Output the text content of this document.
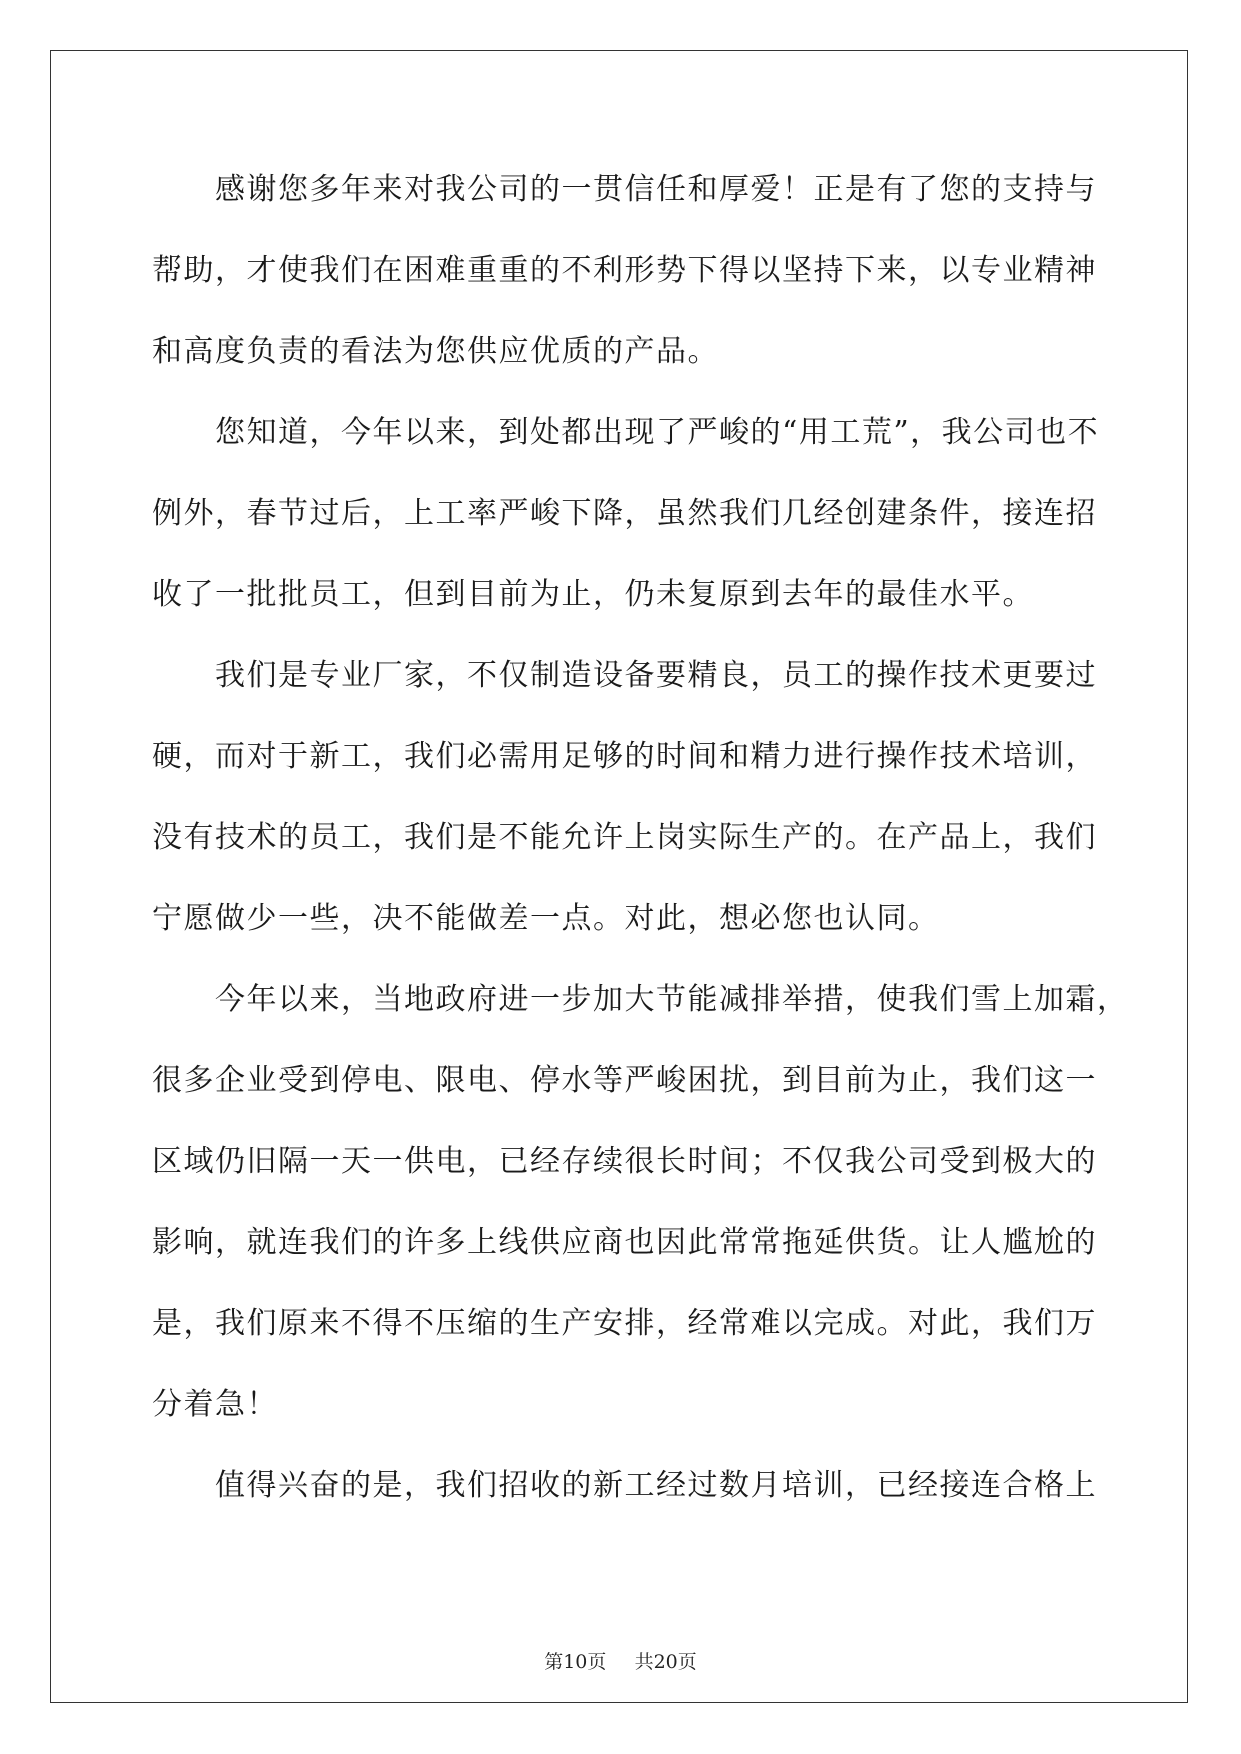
感谢您多年来对我公司的一贯信任和厚爱！正是有了您的支持与
帮助，才使我们在困难重重的不利形势下得以坚持下来，以专业精神
和高度负责的看法为您供应优质的产品。
您知道，今年以来，到处都出现了严峻的“用工荒”，我公司也不
例外，春节过后，上工率严峻下降，虽然我们几经创建条件，接连招
收了一批批员工，但到目前为止，仍未复原到去年的最佳水平。
我们是专业厂家，不仅制造设备要精良，员工的操作技术更要过
硬，而对于新工，我们必需用足够的时间和精力进行操作技术培训，
没有技术的员工，我们是不能允许上岗实际生产的。在产品上，我们
宁愿做少一些，决不能做差一点。对此，想必您也认同。
今年以来，当地政府进一步加大节能减排举措，使我们雪上加霜，
很多企业受到停电、限电、停水等严峻困扰，到目前为止，我们这一
区域仍旧隔一天一供电，已经存续很长时间；不仅我公司受到极大的
影响，就连我们的许多上线供应商也因此常常拖延供货。让人尴尬的
是，我们原来不得不压缩的生产安排，经常难以完成。对此，我们万
分着急！
值得兴奋的是，我们招收的新工经过数月培训，已经接连合格上
第10页 共20页
